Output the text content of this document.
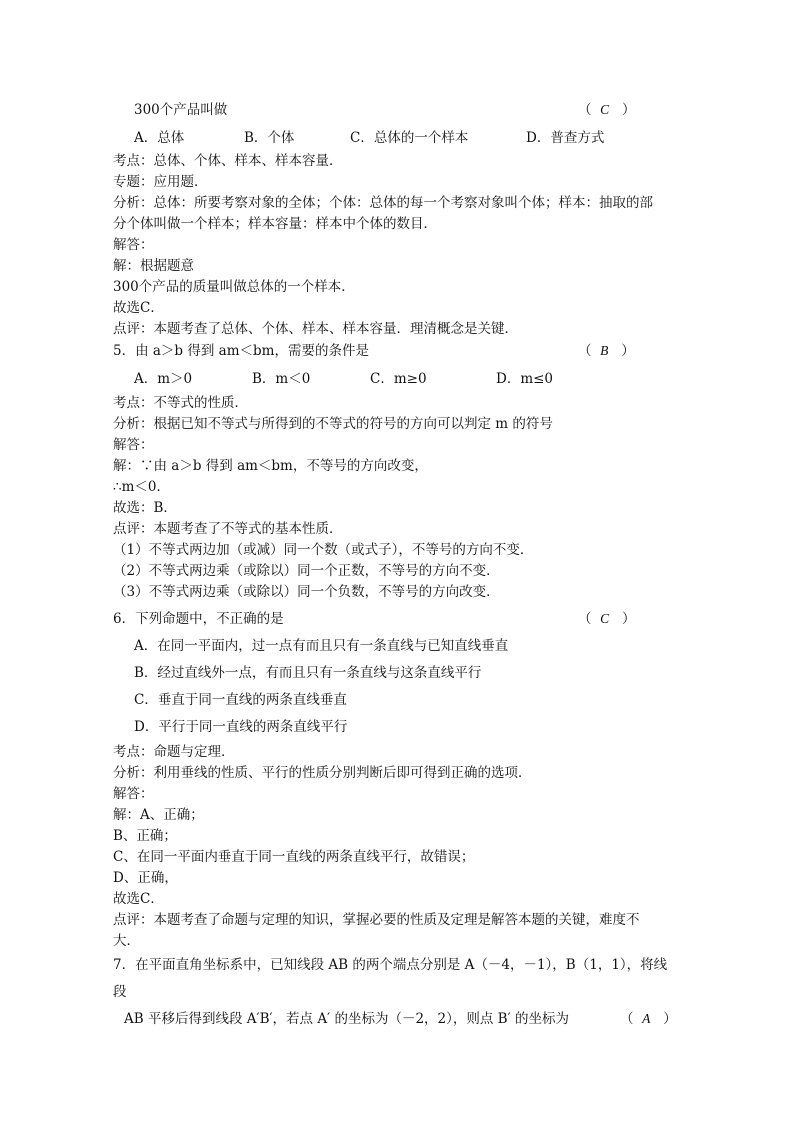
300个产品叫做	（ C ）
A．总体	B．个体	C．总体的一个样本	D．普查方式
考点：总体、个体、样本、样本容量．
专题：应用题．
分析：总体：所要考察对象的全体；个体：总体的每一个考察对象叫个体；样本：抽取的部
分个体叫做一个样本；样本容量：样本中个体的数目．
解答：
解：根据题意
300个产品的质量叫做总体的一个样本．
故选C．
点评：本题考查了总体、个体、样本、样本容量．理清概念是关键．
5．由 a＞b 得到 am＜bm，需要的条件是	（ B ）
A．m＞0	B．m＜0	C．m≥0	D．m≤0
考点：不等式的性质．
分析：根据已知不等式与所得到的不等式的符号的方向可以判定 m 的符号
解答：
解：∵由 a＞b 得到 am＜bm，不等号的方向改变，
∴m＜0．
故选：B．
点评：本题考查了不等式的基本性质．
（1）不等式两边加（或减）同一个数（或式子），不等号的方向不变．
（2）不等式两边乘（或除以）同一个正数，不等号的方向不变．
（3）不等式两边乘（或除以）同一个负数，不等号的方向改变．
6．下列命题中，不正确的是	（ C ）
A．在同一平面内，过一点有而且只有一条直线与已知直线垂直
B．经过直线外一点，有而且只有一条直线与这条直线平行
C．垂直于同一直线的两条直线垂直
D．平行于同一直线的两条直线平行
考点：命题与定理．
分析：利用垂线的性质、平行的性质分别判断后即可得到正确的选项．
解答：
解：A、正确；
B、正确；
C、在同一平面内垂直于同一直线的两条直线平行，故错误；
D、正确，
故选C．
点评：本题考查了命题与定理的知识，掌握必要的性质及定理是解答本题的关键，难度不
大．
7．在平面直角坐标系中，已知线段 AB 的两个端点分别是 A（－4，－1），B（1，1），将线
段
AB 平移后得到线段 A′B′，若点 A′ 的坐标为（－2，2），则点 B′ 的坐标为	（ A ）
